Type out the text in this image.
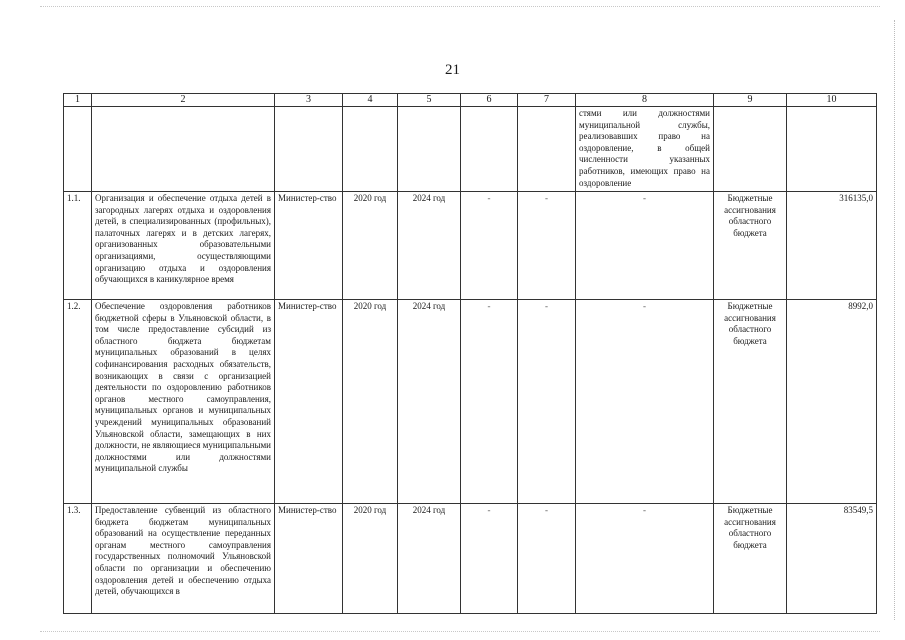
21
1	2	3	4	5	6	7	8	9	10
							стями или должностями муниципальной службы, реализовавших право на оздоровление, в общей численности указанных работников, имеющих право на оздоровление		
1.1.	Организация и обеспечение отдыха детей в загородных лагерях отдыха и оздоровления детей, в специализированных (профильных), палаточных лагерях и в детских лагерях, организованных образовательными организациями, осуществляющими организацию отдыха и оздоровления обучающихся в каникулярное время	Министер-ство	2020 год	2024 год	-	-	-	Бюджетные ассигнования областного бюджета	316135,0
1.2.	Обеспечение оздоровления работников бюджетной сферы в Ульяновской области, в том числе предоставление субсидий из областного бюджета бюджетам муниципальных образований в целях софинансирования расходных обязательств, возникающих в связи с организацией деятельности по оздоровлению работников органов местного самоуправления, муниципальных органов и муниципальных учреждений муниципальных образований Ульяновской области, замещающих в них должности, не являющиеся муниципальными должностями или должностями муниципальной службы	Министер-ство	2020 год	2024 год	-	-	-	Бюджетные ассигнования областного бюджета	8992,0
1.3.	Предоставление субвенций из областного бюджета бюджетам муниципальных образований на осуществление переданных органам местного самоуправления государственных полномочий Ульяновской области по организации и обеспечению оздоровления детей и обеспечению отдыха детей, обучающихся в	Министер-ство	2020 год	2024 год	-	-	-	Бюджетные ассигнования областного бюджета	83549,5
